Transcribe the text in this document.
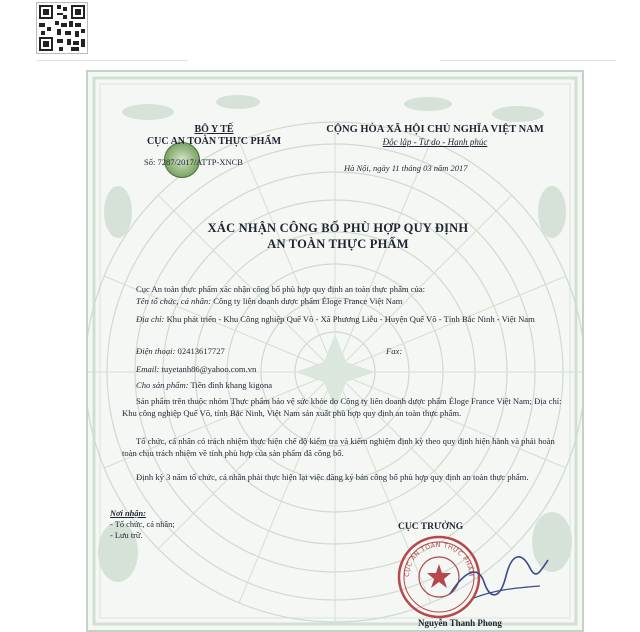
BỘ Y TẾ
CỤC AN TOÀN THỰC PHẨM
Số: 7287/2017/ATTP-XNCB
CỘNG HÒA XÃ HỘI CHỦ NGHĨA VIỆT NAM
Độc lập - Tự do - Hạnh phúc
Hà Nội, ngày 11 tháng 03 năm 2017
XÁC NHẬN CÔNG BỐ PHÙ HỢP QUY ĐỊNH
AN TOÀN THỰC PHẨM
Cục An toàn thực phẩm xác nhận công bố phù hợp quy định an toàn thực phẩm của:
Tên tổ chức, cá nhân: Công ty liên doanh dược phẩm Éloge France Việt Nam
Địa chỉ: Khu phát triển - Khu Công nghiệp Quế Võ - Xã Phương Liễu - Huyện Quế Võ - Tỉnh Bắc Ninh - Việt Nam
Điện thoại: 02413617727	Fax:
Email: tuyetanh86@yahoo.com.vn
Cho sản phẩm: Tiền đình khang kigona
Sản phẩm trên thuộc nhóm Thực phẩm bảo vệ sức khỏe do Công ty liên doanh dược phẩm Éloge France Việt Nam; Địa chỉ: Khu công nghiệp Quế Võ, tỉnh Bắc Ninh, Việt Nam sản xuất phù hợp quy định an toàn thực phẩm.
Tổ chức, cá nhân có trách nhiệm thực hiện chế độ kiểm tra và kiểm nghiệm định kỳ theo quy định hiện hành và phải hoàn toàn chịu trách nhiệm về tính phù hợp của sản phẩm đã công bố.
Định kỳ 3 năm tổ chức, cá nhân phải thực hiện lại việc đăng ký bản công bố phù hợp quy định an toàn thực phẩm.
Nơi nhận:
- Tổ chức, cá nhân;
- Lưu trữ.
CỤC TRƯỞNG
CỤC AN TOÀN THỰC PHẨM
Nguyễn Thanh Phong
